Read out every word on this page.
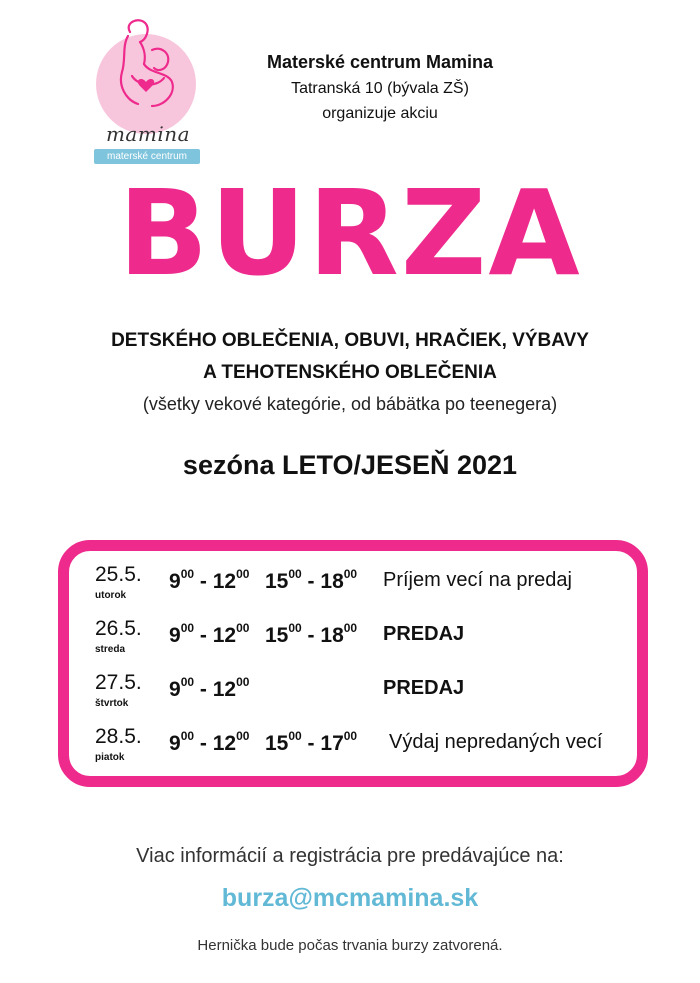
mamina
materské centrum
Materské centrum Mamina
Tatranská 10 (bývala ZŠ)
organizuje akciu
BURZA
DETSKÉHO OBLEČENIA, OBUVI, HRAČIEK, VÝBAVY
A TEHOTENSKÉHO OBLEČENIA
(všetky vekové kategórie, od bábätka po teenegera)
sezóna LETO/JESEŇ 2021
25.5.
utorok
$9^{00} - 12^{00}$ $15^{00} - 18^{00}$ Príjem vecí na predaj
26.5.
streda
$9^{00} - 12^{00}$ $15^{00} - 18^{00}$ PREDAJ
27.5.
štvrtok
$9^{00} - 12^{00}$	PREDAJ
28.5.
piatok
$9^{00} - 12^{00}$ $15^{00} - 17^{00}$ Výdaj nepredaných vecí
Viac informácií a registrácia pre predávajúce na:
burza@mcmamina.sk
Hernička bude počas trvania burzy zatvorená.
